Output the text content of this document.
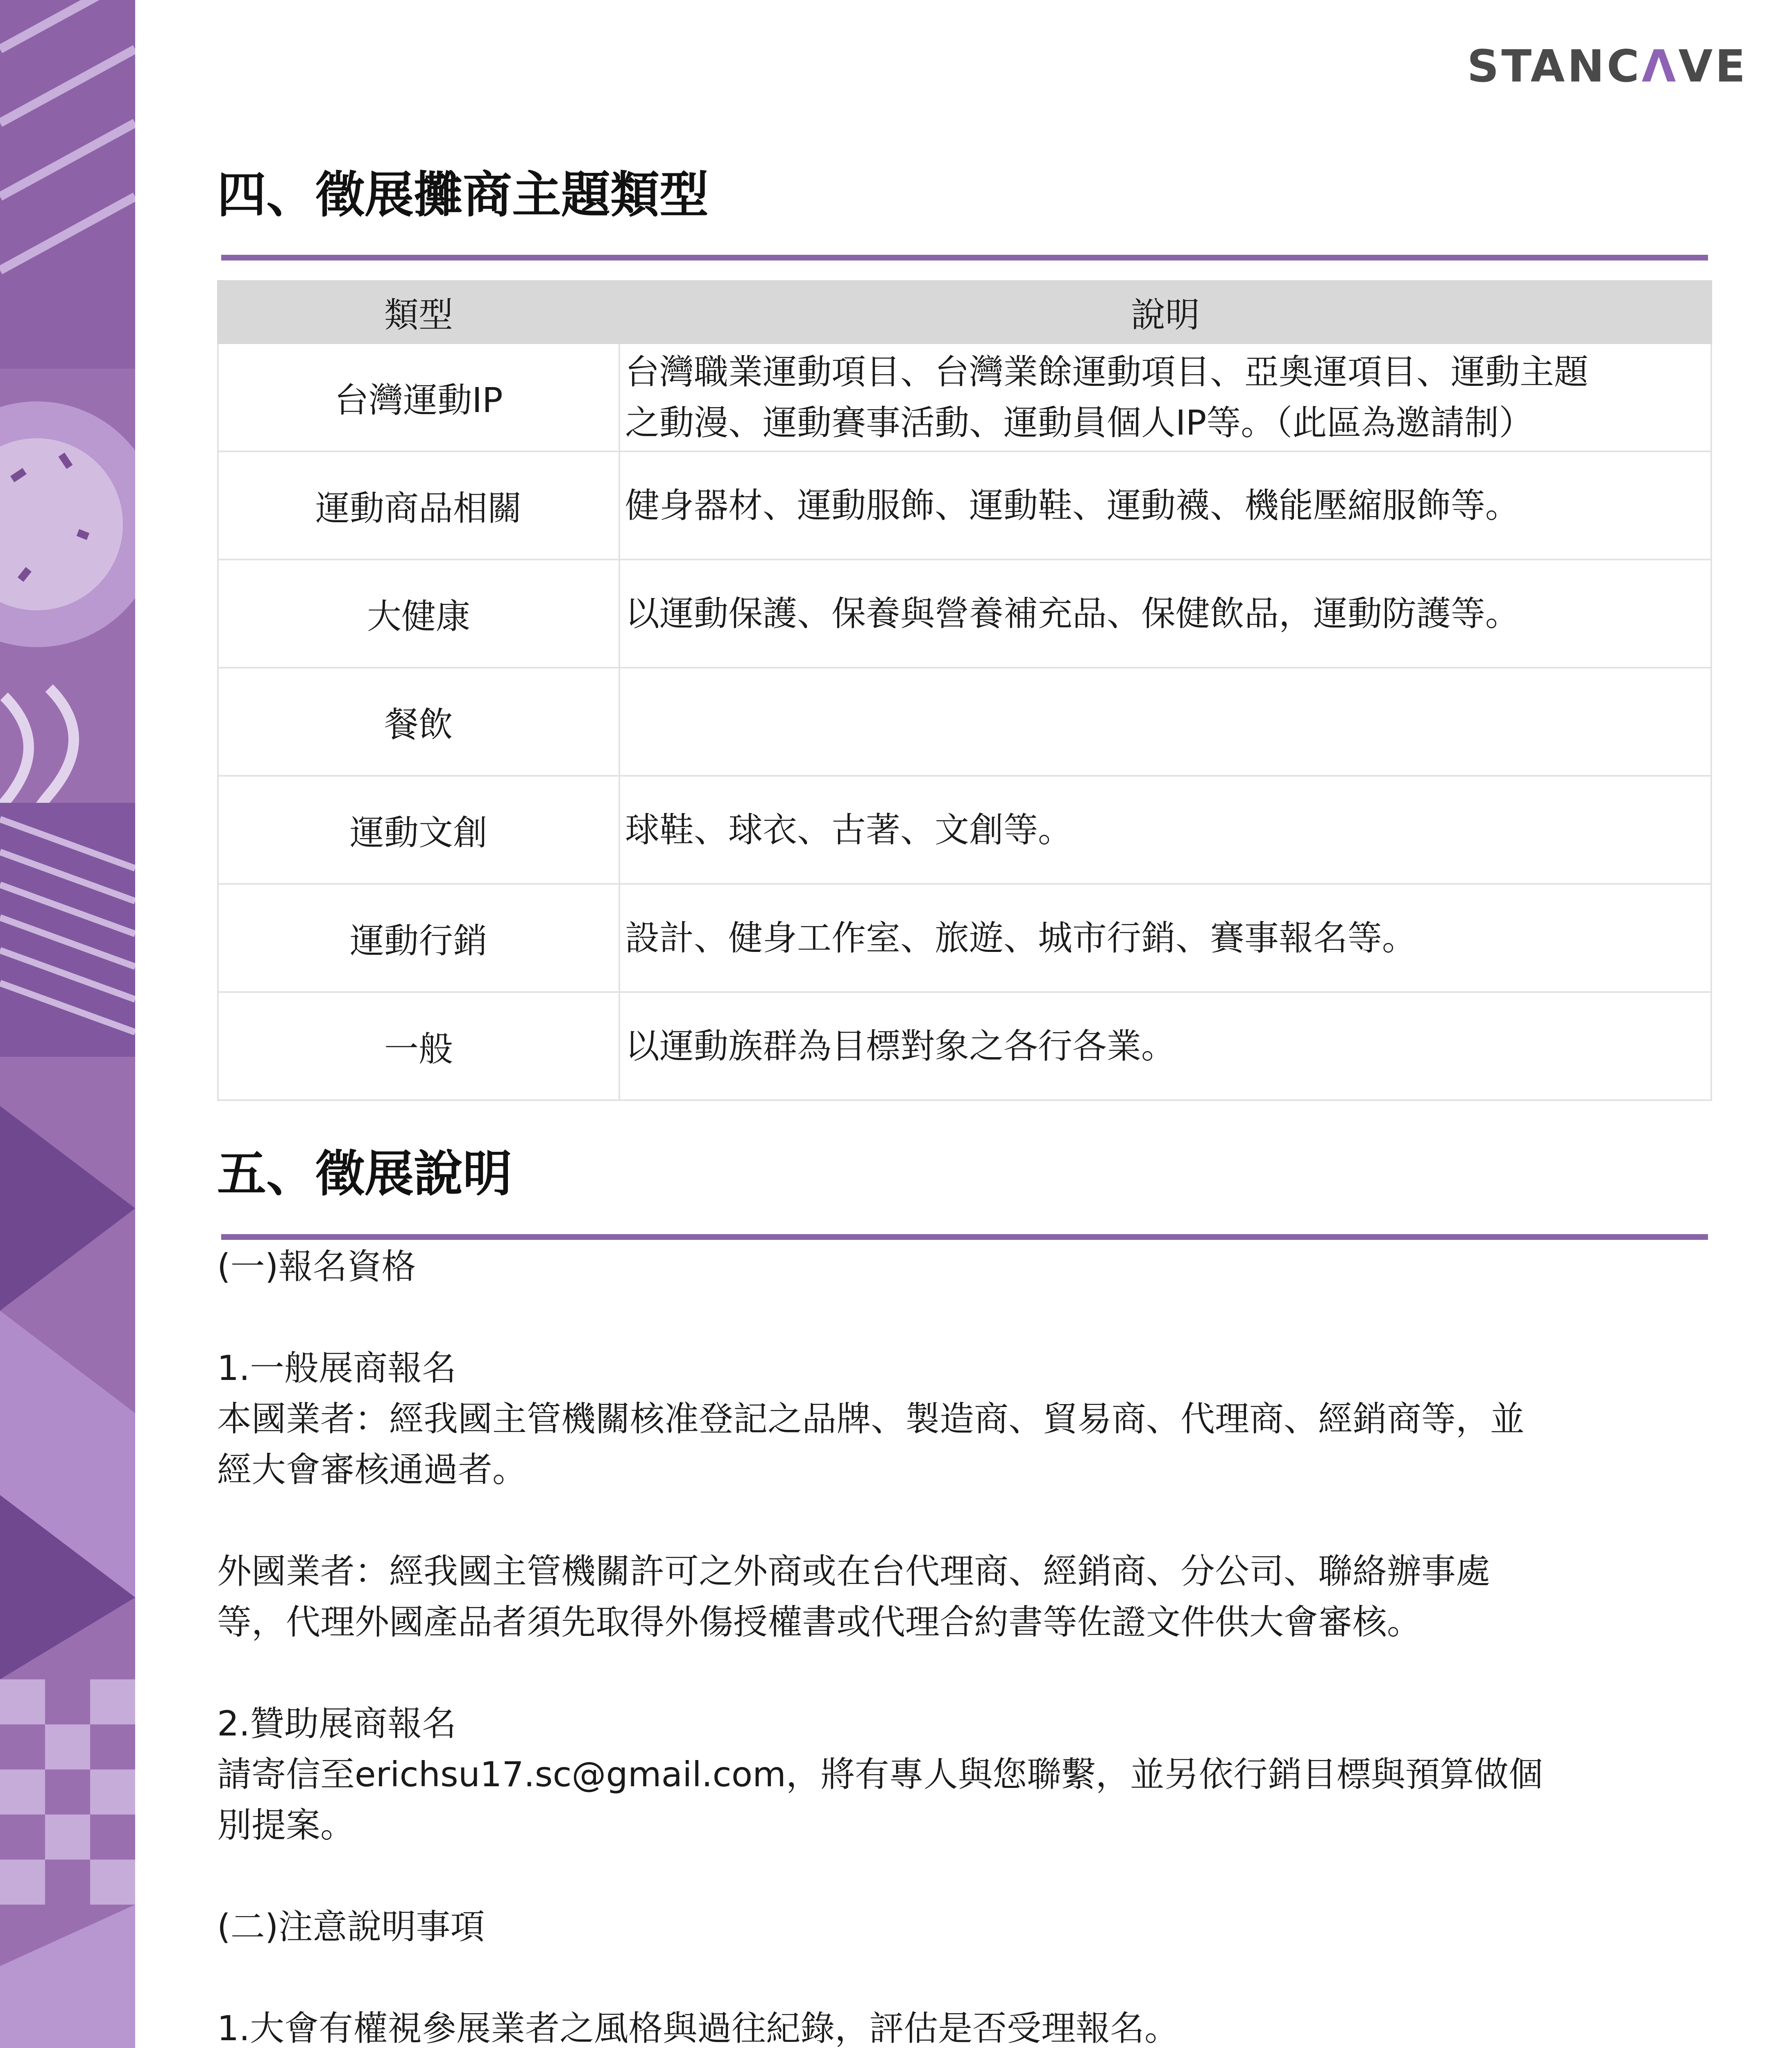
STANCΛVE
四、徵展攤商主題類型
類型	說明
台灣運動IP	台灣職業運動項目、台灣業餘運動項目、亞奧運項目、運動主題
之動漫、運動賽事活動、運動員個人IP等。（此區為邀請制）
運動商品相關	健身器材、運動服飾、運動鞋、運動襪、機能壓縮服飾等。
大健康	以運動保護、保養與營養補充品、保健飲品，運動防護等。
餐飲	
運動文創	球鞋、球衣、古著、文創等。
運動行銷	設計、健身工作室、旅遊、城市行銷、賽事報名等。
一般	以運動族群為目標對象之各行各業。
五、徵展說明

(一)報名資格

1.一般展商報名

本國業者：經我國主管機關核准登記之品牌、製造商、貿易商、代理商、經銷商等，並
經大會審核通過者。

外國業者：經我國主管機關許可之外商或在台代理商、經銷商、分公司、聯絡辦事處
等，代理外國產品者須先取得外傷授權書或代理合約書等佐證文件供大會審核。

2.贊助展商報名

請寄信至erichsu17.sc@gmail.com，將有專人與您聯繫，並另依行銷目標與預算做個
別提案。

(二)注意說明事項

1.大會有權視參展業者之風格與過往紀錄，評估是否受理報名。
